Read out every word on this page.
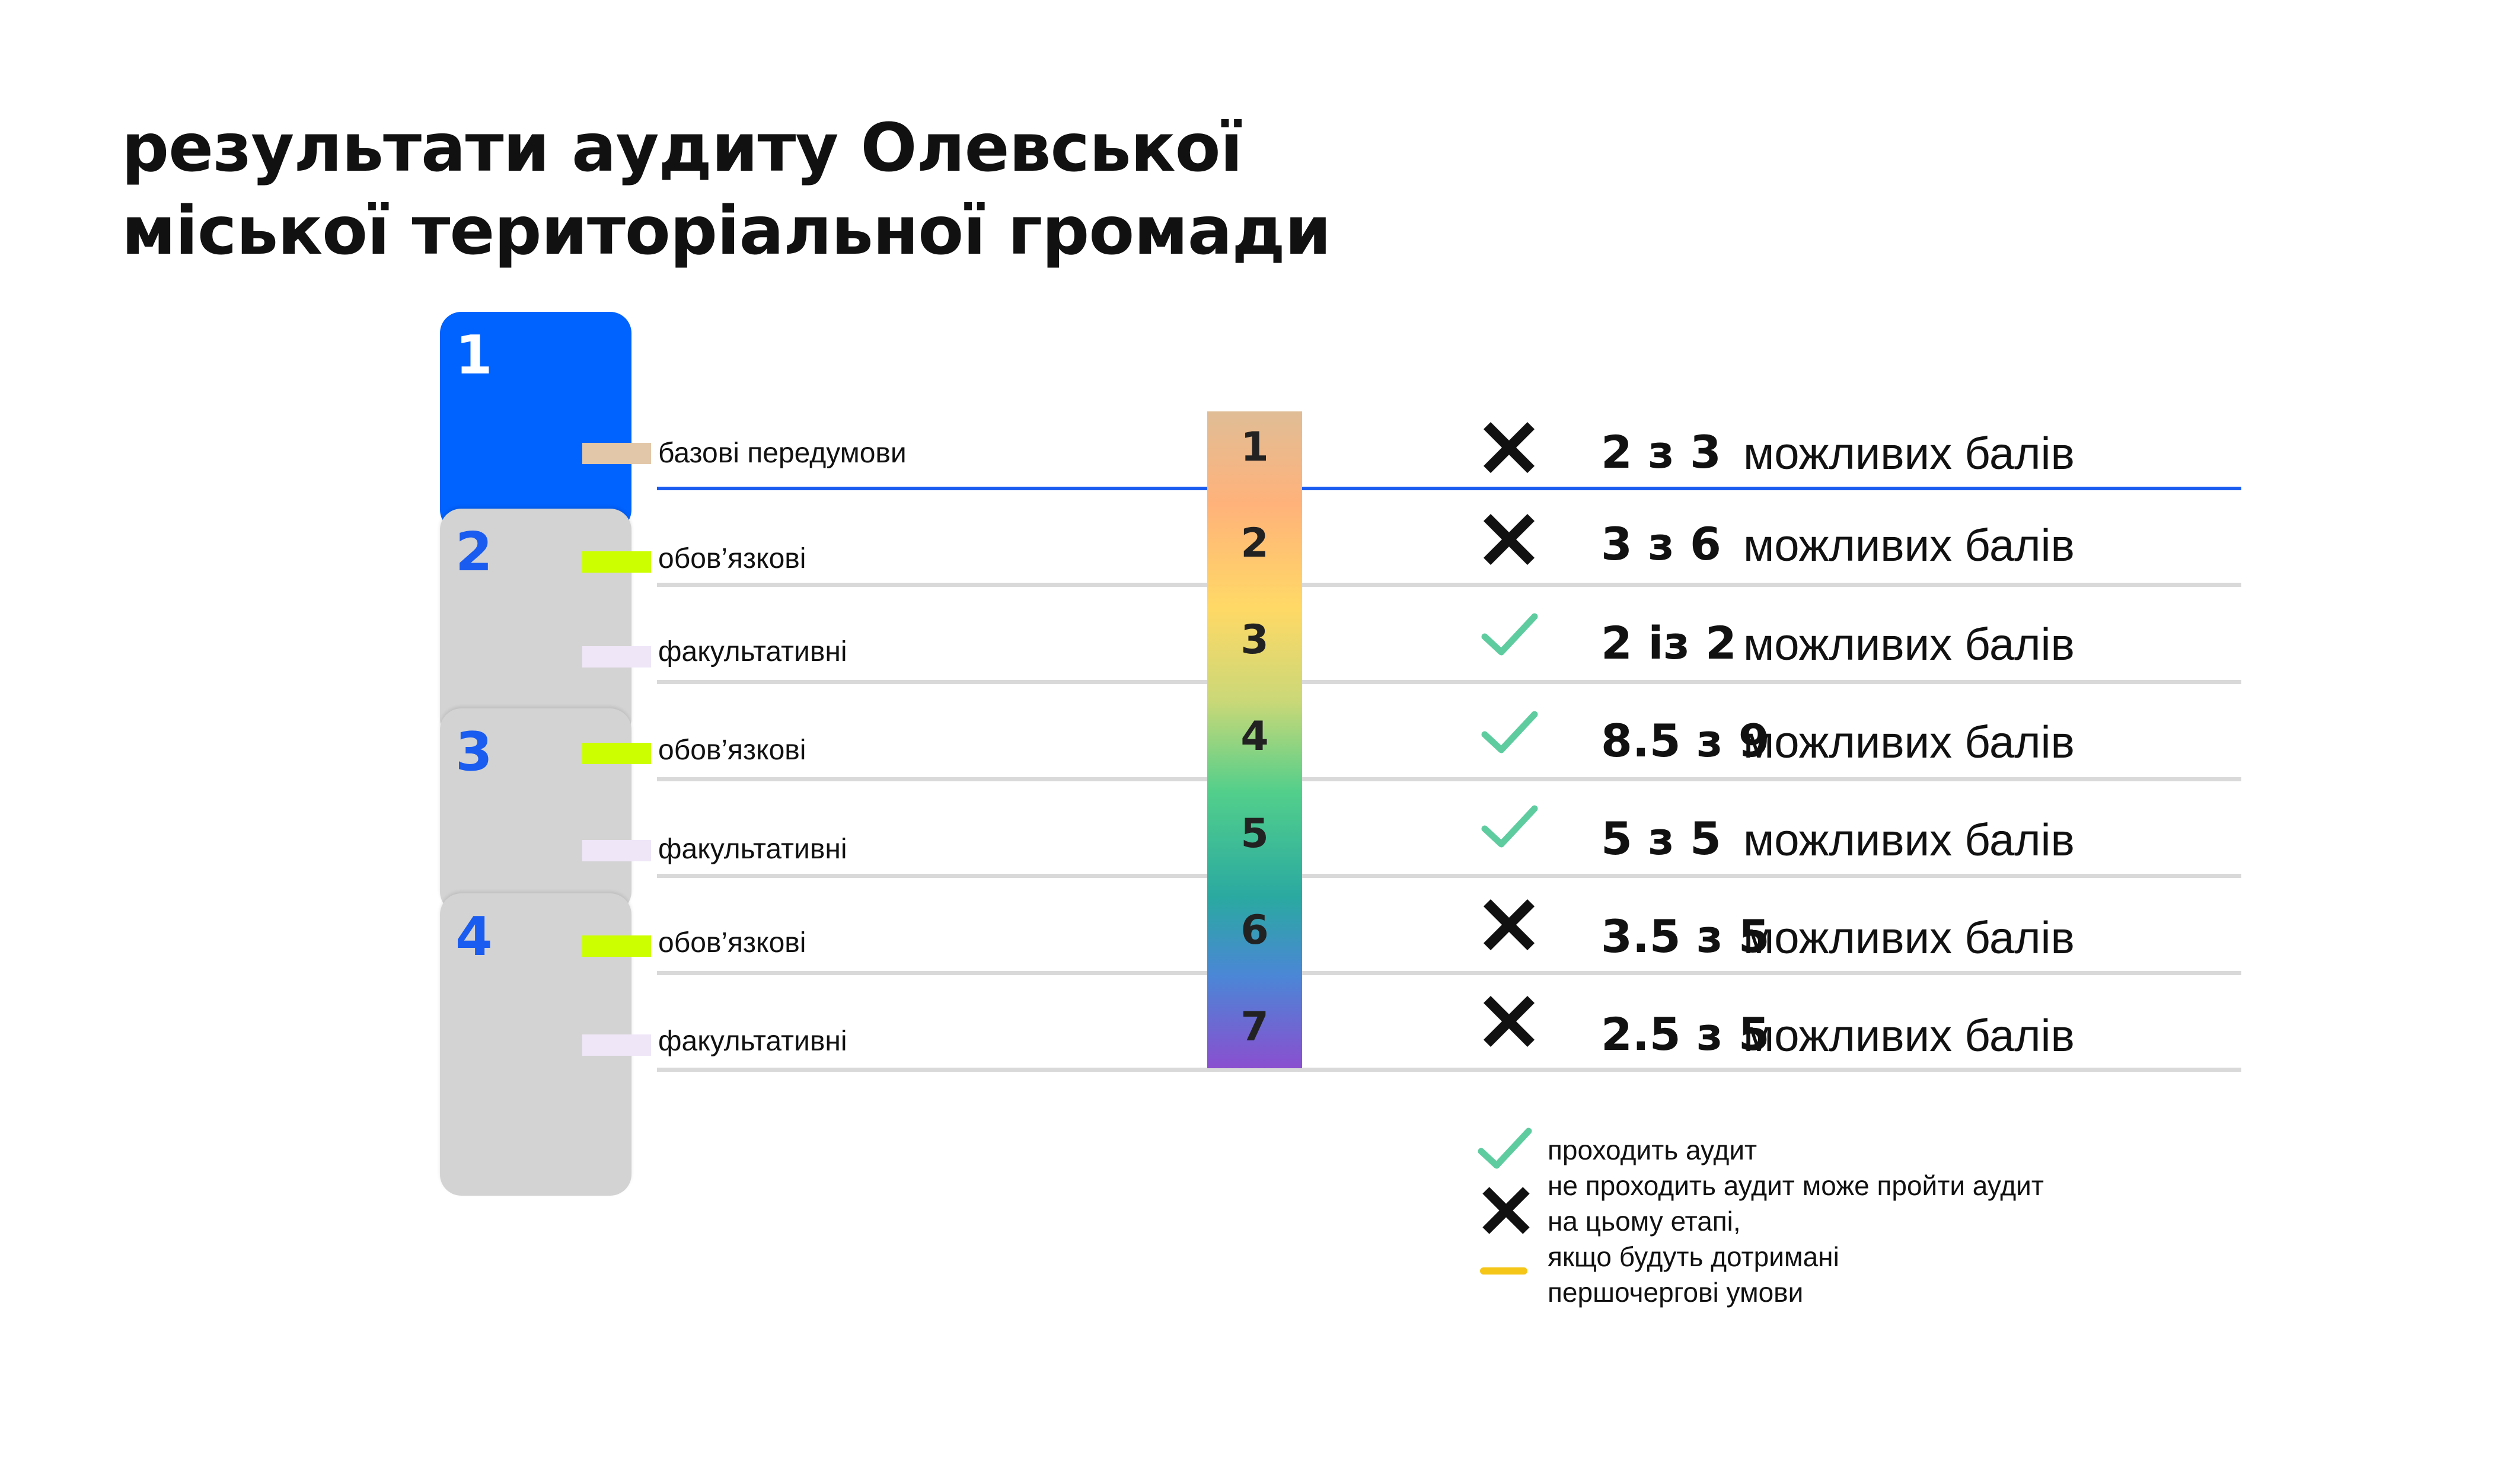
результати аудиту Олевської
міської територіальної громади
1
2
3
4
базові передумови
обов’язкові
факультативні
обов’язкові
факультативні
обов’язкові
факультативні
1
2
3
4
5
6
7
2 з 3 можливих балів
3 з 6 можливих балів
2 із 2 можливих балів
8.5 з 9
можливих балів
5 з 5 можливих балів
3.5 з 5
можливих балів
2.5 з 5
можливих балів
проходить аудит
не проходить аудит може пройти аудит
на цьому етапі,
якщо будуть дотримані
першочергові умови
